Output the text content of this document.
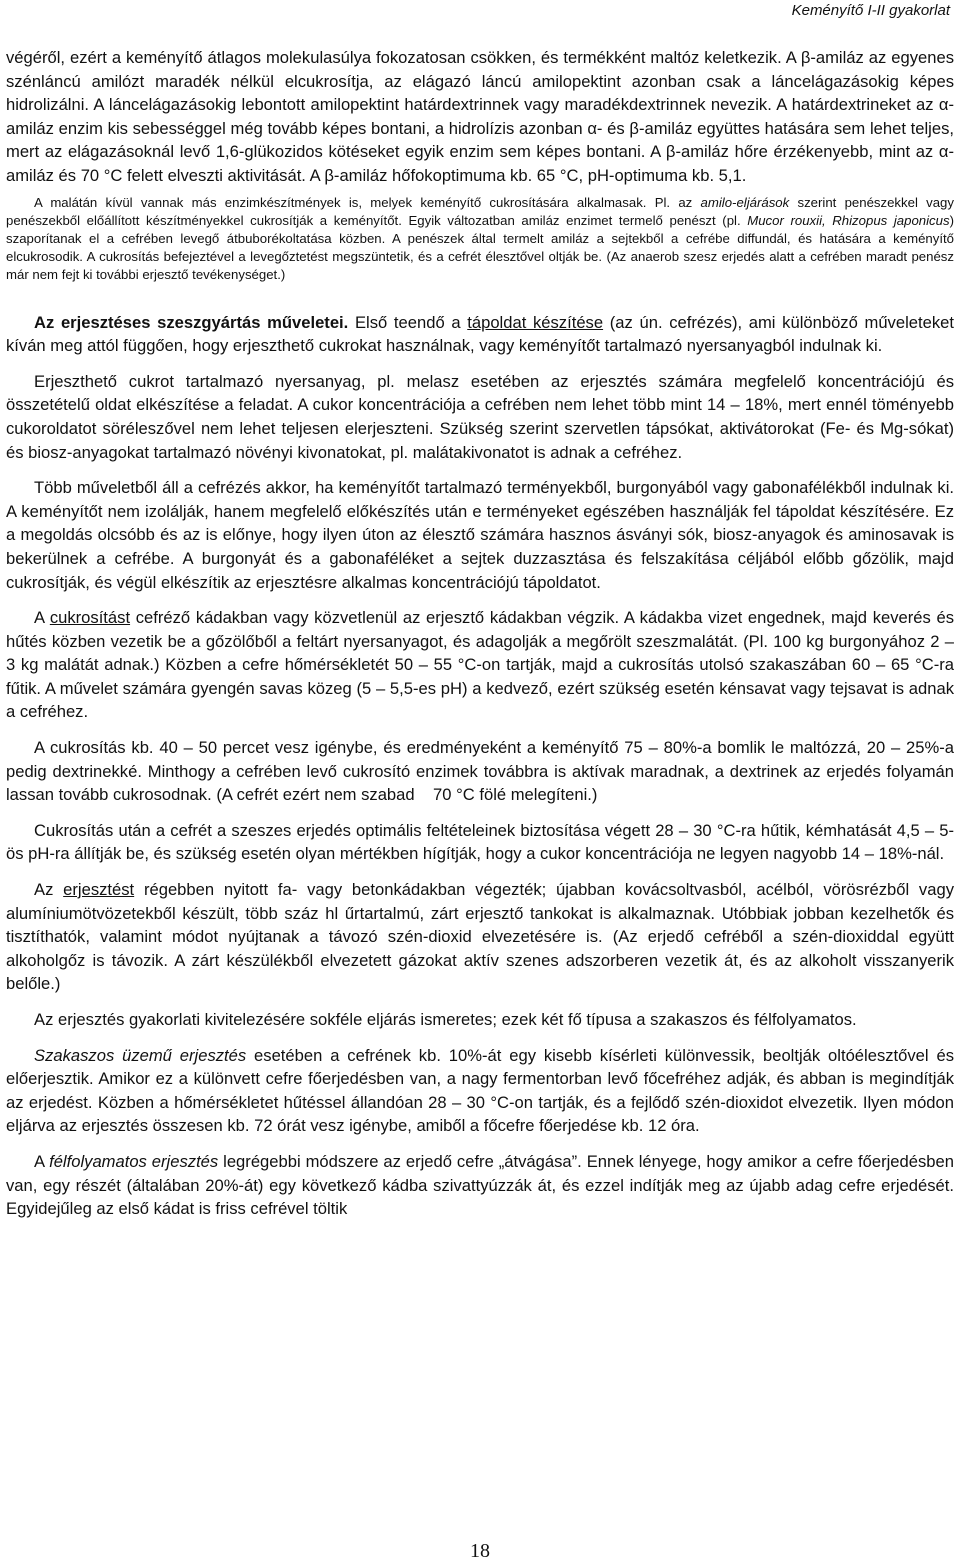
Keményítő I-II gyakorlat

végéről, ezért a keményítő átlagos molekulasúlya fokozatosan csökken, és termékként maltóz keletkezik. A β-amiláz az egyenes szénláncú amilózt maradék nélkül elcukrosítja, az elágazó láncú amilopektint azonban csak a láncelágazásokig képes hidrolizálni. A láncelágazásokig lebontott amilopektint határdextrinnek vagy maradékdextrinnek nevezik. A határdextrineket az α-amiláz enzim kis sebességgel még tovább képes bontani, a hidrolízis azonban α- és β-amiláz együttes hatására sem lehet teljes, mert az elágazásoknál levő 1,6-glükozidos kötéseket egyik enzim sem képes bontani. A β-amiláz hőre érzékenyebb, mint az α-amiláz és 70 °C felett elveszti aktivitását. A β-amiláz hőfokoptimuma kb. 65 °C, pH-optimuma kb. 5,1.

A malátán kívül vannak más enzimkészítmények is, melyek keményítő cukrosítására alkalmasak. Pl. az amilo-eljárások szerint penészekkel vagy penészekből előállított készítményekkel cukrosítják a keményítőt. Egyik változatban amiláz enzimet termelő penészt (pl. Mucor rouxii, Rhizopus japonicus) szaporítanak el a cefrében levegő átbuborékoltatása közben. A penészek által termelt amiláz a sejtekből a cefrébe diffundál, és hatására a keményítő elcukrosodik. A cukrosítás befejeztével a levegőztetést megszüntetik, és a cefrét élesztővel oltják be. (Az anaerob szesz erjedés alatt a cefrében maradt penész már nem fejt ki további erjesztő tevékenységet.)

Az erjesztéses szeszgyártás műveletei. Első teendő a tápoldat készítése (az ún. cefrézés), ami különböző műveleteket kíván meg attól függően, hogy erjeszthető cukrokat használnak, vagy keményítőt tartalmazó nyersanyagból indulnak ki.

Erjeszthető cukrot tartalmazó nyersanyag, pl. melasz esetében az erjesztés számára megfelelő koncentrációjú és összetételű oldat elkészítése a feladat. A cukor koncentrációja a cefrében nem lehet több mint 14 – 18%, mert ennél töményebb cukoroldatot söréleszővel nem lehet teljesen elerjeszteni. Szükség szerint szervetlen tápsókat, aktivátorokat (Fe- és Mg-sókat) és biosz-anyagokat tartalmazó növényi kivonatokat, pl. malátakivonatot is adnak a cefréhez.

Több műveletből áll a cefrézés akkor, ha keményítőt tartalmazó terményekből, burgonyából vagy gabonafélékből indulnak ki. A keményítőt nem izolálják, hanem megfelelő előkészítés után e terményeket egészében használják fel tápoldat készítésére. Ez a megoldás olcsóbb és az is előnye, hogy ilyen úton az élesztő számára hasznos ásványi sók, biosz-anyagok és aminosavak is bekerülnek a cefrébe. A burgonyát és a gabonaféléket a sejtek duzzasztása és felszakítása céljából előbb gőzölik, majd cukrosítják, és végül elkészítik az erjesztésre alkalmas koncentrációjú tápoldatot.

A cukrosítást cefréző kádakban vagy közvetlenül az erjesztő kádakban végzik. A kádakba vizet engednek, majd keverés és hűtés közben vezetik be a gőzölőből a feltárt nyersanyagot, és adagolják a megőrölt szeszmalátát. (Pl. 100 kg burgonyához 2 – 3 kg malátát adnak.) Közben a cefre hőmérsékletét 50 – 55 °C-on tartják, majd a cukrosítás utolsó szakaszában 60 – 65 °C-ra fűtik. A művelet számára gyengén savas közeg (5 – 5,5-es pH) a kedvező, ezért szükség esetén kénsavat vagy tejsavat is adnak a cefréhez.

A cukrosítás kb. 40 – 50 percet vesz igénybe, és eredményeként a keményítő 75 – 80%-a bomlik le maltózzá, 20 – 25%-a pedig dextrinekké. Minthogy a cefrében levő cukrosító enzimek továbbra is aktívak maradnak, a dextrinek az erjedés folyamán lassan tovább cukrosodnak. (A cefrét ezért nem szabad    70 °C fölé melegíteni.)

Cukrosítás után a cefrét a szeszes erjedés optimális feltételeinek biztosítása végett 28 – 30 °C-ra hűtik, kémhatását 4,5 – 5-ös pH-ra állítják be, és szükség esetén olyan mértékben hígítják, hogy a cukor koncentrációja ne legyen nagyobb 14 – 18%-nál.

Az erjesztést régebben nyitott fa- vagy betonkádakban végezték; újabban kovácsoltvasból, acélból, vörösrézből vagy alumíniumötvözetekből készült, több száz hl űrtartalmú, zárt erjesztő tankokat is alkalmaznak. Utóbbiak jobban kezelhetők és tisztíthatók, valamint módot nyújtanak a távozó szén-dioxid elvezetésére is. (Az erjedő cefréből a szén-dioxiddal együtt alkoholgőz is távozik. A zárt készülékből elvezetett gázokat aktív szenes adszorberen vezetik át, és az alkoholt visszanyerik belőle.)

Az erjesztés gyakorlati kivitelezésére sokféle eljárás ismeretes; ezek két fő típusa a szakaszos és félfolyamatos.

Szakaszos üzemű erjesztés esetében a cefrének kb. 10%-át egy kisebb kísérleti különvessik, beoltják oltóélesztővel és előerjesztik. Amikor ez a különvett cefre főerjedésben van, a nagy fermentorban levő főcefréhez adják, és abban is megindítják az erjedést. Közben a hőmérsékletet hűtéssel állandóan 28 – 30 °C-on tartják, és a fejlődő szén-dioxidot elvezetik. Ilyen módon eljárva az erjesztés összesen kb. 72 órát vesz igénybe, amiből a főcefre főerjedése kb. 12 óra.

A félfolyamatos erjesztés legrégebbi módszere az erjedő cefre „átvágása”. Ennek lényege, hogy amikor a cefre főerjedésben van, egy részét (általában 20%-át) egy következő kádba szivattyúzzák át, és ezzel indítják meg az újabb adag cefre erjedését. Egyidejűleg az első kádat is friss cefrével töltik

18
